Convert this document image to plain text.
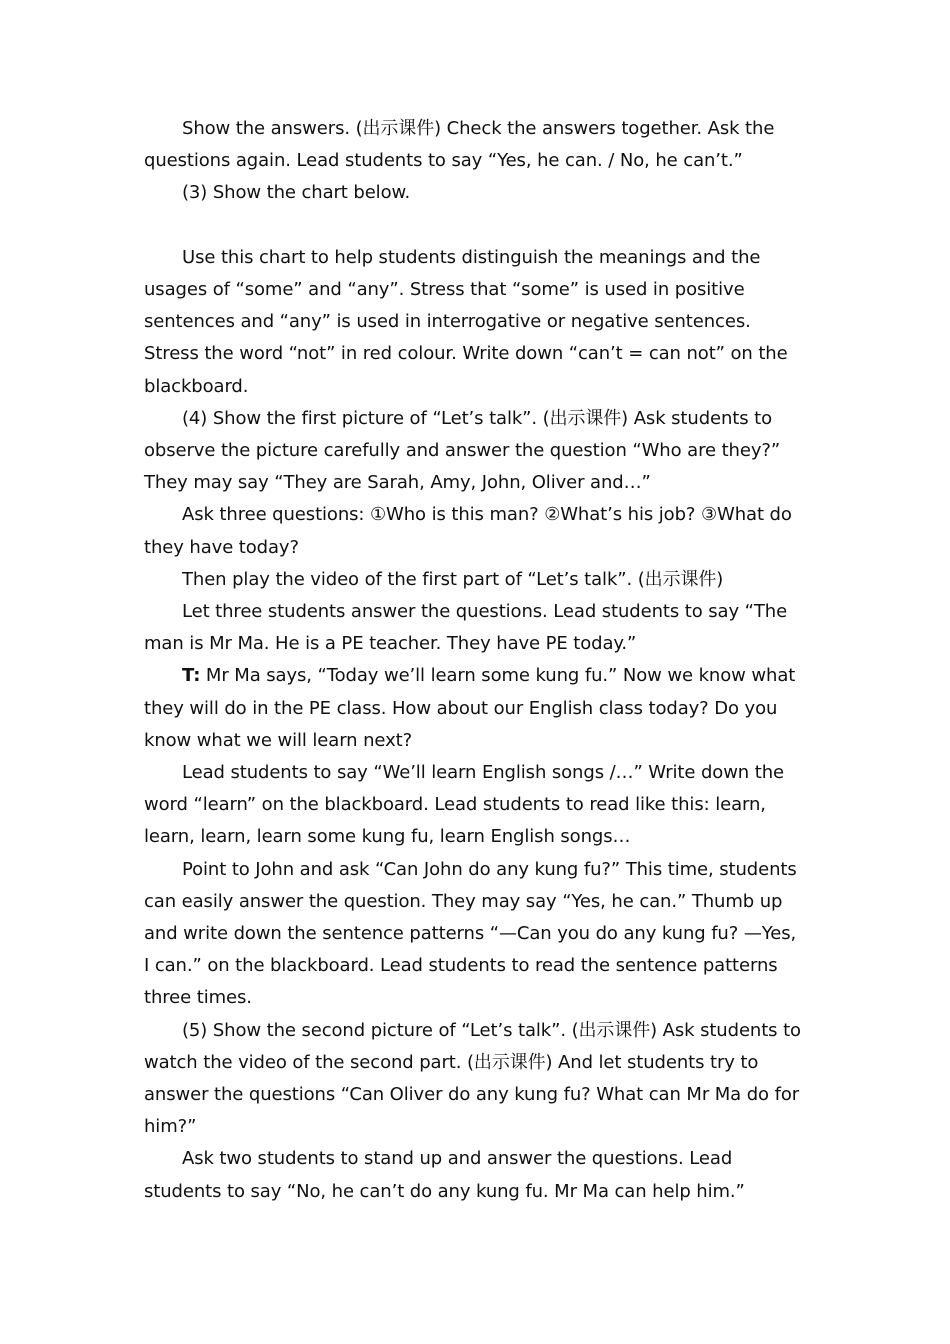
Show the answers. (出示课件) Check the answers together. Ask the questions again. Lead students to say “Yes, he can. / No, he can’t.”

(3) Show the chart below.

Use this chart to help students distinguish the meanings and the usages of “some” and “any”. Stress that “some” is used in positive sentences and “any” is used in interrogative or negative sentences. Stress the word “not” in red colour. Write down “can’t = can not” on the blackboard.

(4) Show the first picture of “Let’s talk”. (出示课件) Ask students to observe the picture carefully and answer the question “Who are they?” They may say “They are Sarah, Amy, John, Oliver and…”

Ask three questions: ①Who is this man? ②What’s his job? ③What do they have today?

Then play the video of the first part of “Let’s talk”. (出示课件)

Let three students answer the questions. Lead students to say “The man is Mr Ma. He is a PE teacher. They have PE today.”

T: Mr Ma says, “Today we’ll learn some kung fu.” Now we know what they will do in the PE class. How about our English class today? Do you know what we will learn next?

Lead students to say “We’ll learn English songs /…” Write down the word “learn” on the blackboard. Lead students to read like this: learn, learn, learn, learn some kung fu, learn English songs…

Point to John and ask “Can John do any kung fu?” This time, students can easily answer the question. They may say “Yes, he can.” Thumb up and write down the sentence patterns “—Can you do any kung fu? —Yes, I can.” on the blackboard. Lead students to read the sentence patterns three times.

(5) Show the second picture of “Let’s talk”. (出示课件) Ask students to watch the video of the second part. (出示课件) And let students try to answer the questions “Can Oliver do any kung fu? What can Mr Ma do for him?”

Ask two students to stand up and answer the questions. Lead students to say “No, he can’t do any kung fu. Mr Ma can help him.”
